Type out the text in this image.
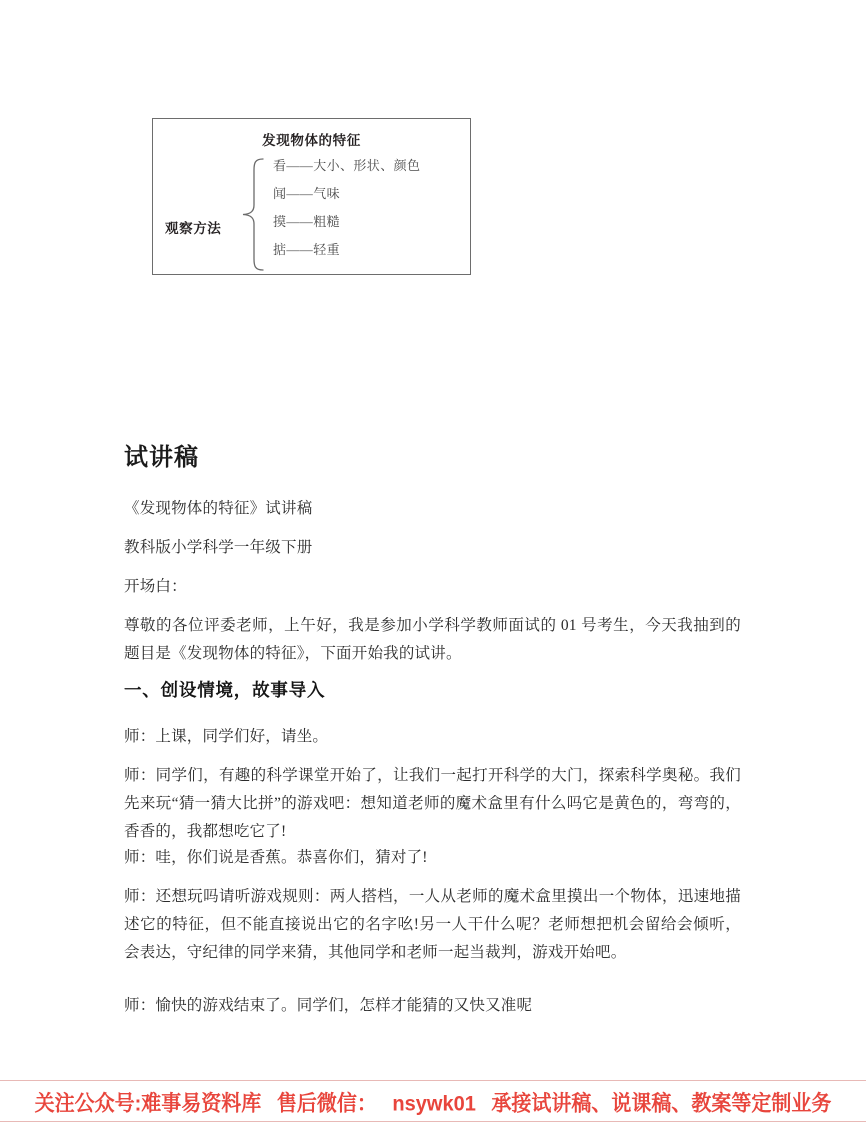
发现物体的特征
观察方法
看——大小、形状、颜色
闻——气味
摸——粗糙
掂——轻重
试讲稿

《发现物体的特征》试讲稿

教科版小学科学一年级下册

开场白：

尊敬的各位评委老师，上午好，我是参加小学科学教师面试的 01 号考生，今天我抽到的题目是《发现物体的特征》，下面开始我的试讲。

一、创设情境，故事导入

师：上课，同学们好，请坐。

师：同学们，有趣的科学课堂开始了，让我们一起打开科学的大门，探索科学奥秘。我们先来玩“猜一猜大比拼”的游戏吧：想知道老师的魔术盒里有什么吗它是黄色的，弯弯的，香香的，我都想吃它了!

师：哇，你们说是香蕉。恭喜你们，猜对了!

师：还想玩吗请听游戏规则：两人搭档，一人从老师的魔术盒里摸出一个物体，迅速地描述它的特征，但不能直接说出它的名字吆!另一人干什么呢？老师想把机会留给会倾听，会表达，守纪律的同学来猜，其他同学和老师一起当裁判，游戏开始吧。

师：愉快的游戏结束了。同学们，怎样才能猜的又快又准呢

关注公众号:难事易资料库 售后微信： nsywk01 承接试讲稿、说课稿、教案等定制业务
